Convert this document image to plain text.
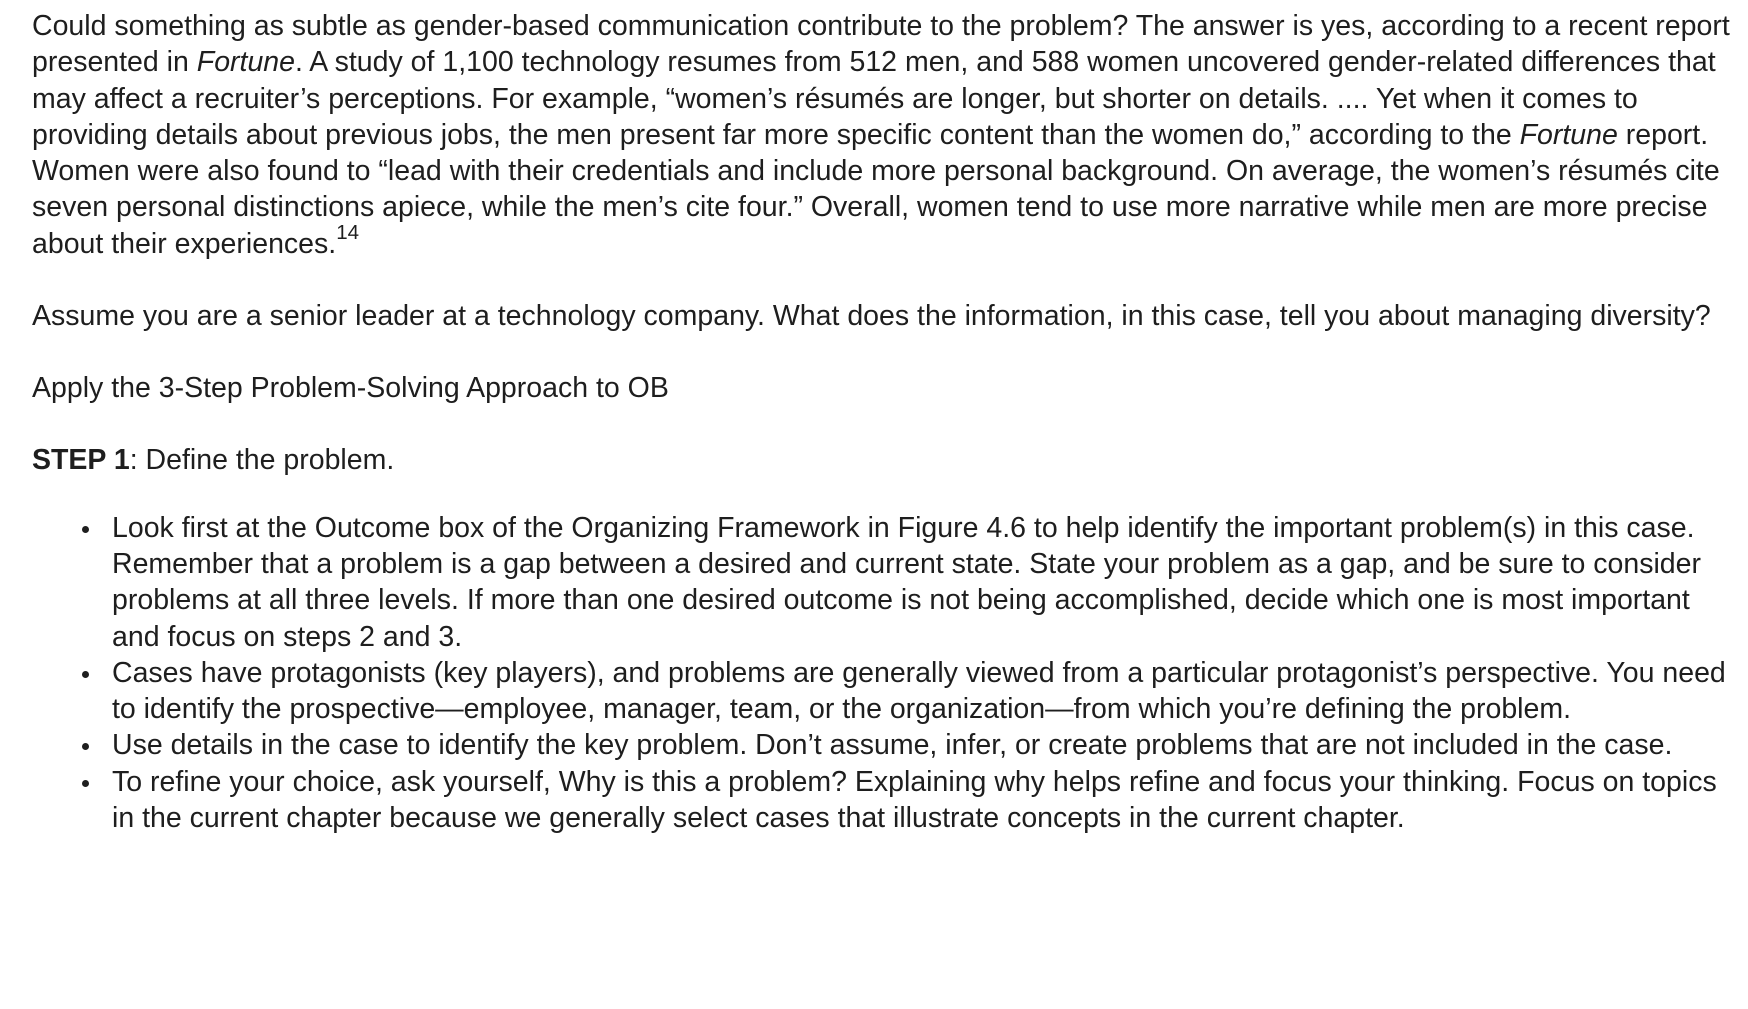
Could something as subtle as gender-based communication contribute to the problem? The answer is yes, according to a recent report presented in Fortune. A study of 1,100 technology resumes from 512 men, and 588 women uncovered gender-related differences that may affect a recruiter’s perceptions. For example, “women’s résumés are longer, but shorter on details. .... Yet when it comes to providing details about previous jobs, the men present far more specific content than the women do,” according to the Fortune report. Women were also found to “lead with their credentials and include more personal background. On average, the women’s résumés cite seven personal distinctions apiece, while the men’s cite four.” Overall, women tend to use more narrative while men are more precise about their experiences.$^{14}$

Assume you are a senior leader at a technology company. What does the information, in this case, tell you about managing diversity?

Apply the 3-Step Problem-Solving Approach to OB

STEP 1: Define the problem.

Look first at the Outcome box of the Organizing Framework in Figure 4.6 to help identify the important problem(s) in this case. Remember that a problem is a gap between a desired and current state. State your problem as a gap, and be sure to consider problems at all three levels. If more than one desired outcome is not being accomplished, decide which one is most important and focus on steps 2 and 3.
Cases have protagonists (key players), and problems are generally viewed from a particular protagonist’s perspective. You need to identify the prospective—employee, manager, team, or the organization—from which you’re defining the problem.
Use details in the case to identify the key problem. Don’t assume, infer, or create problems that are not included in the case.
To refine your choice, ask yourself, Why is this a problem? Explaining why helps refine and focus your thinking. Focus on topics in the current chapter because we generally select cases that illustrate concepts in the current chapter.
